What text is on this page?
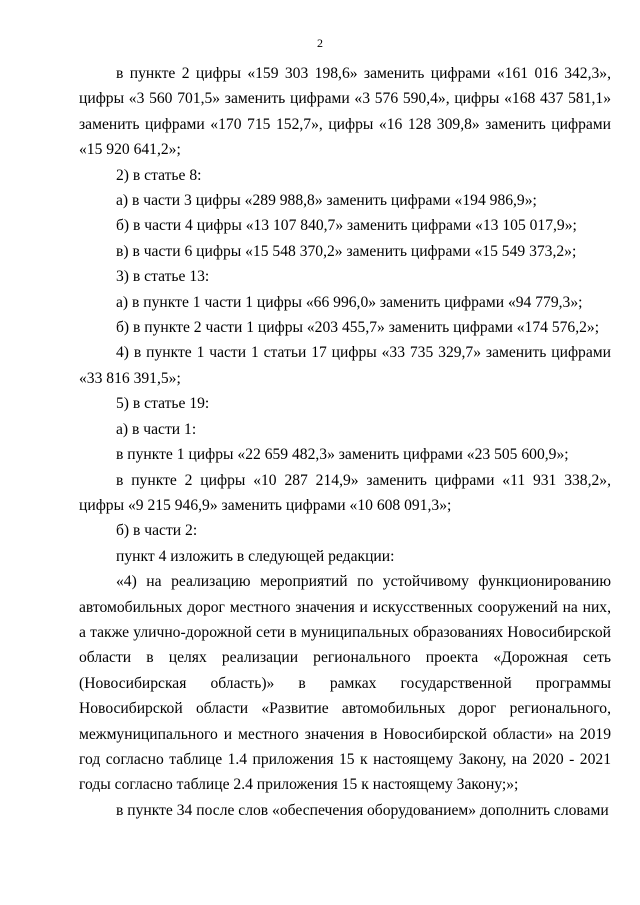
2

в пункте 2 цифры «159 303 198,6» заменить цифрами «161 016 342,3», цифры «3 560 701,5» заменить цифрами «3 576 590,4», цифры «168 437 581,1» заменить цифрами «170 715 152,7», цифры «16 128 309,8» заменить цифрами «15 920 641,2»;

2) в статье 8:

а) в части 3 цифры «289 988,8» заменить цифрами «194 986,9»;

б) в части 4 цифры «13 107 840,7» заменить цифрами «13 105 017,9»;

в) в части 6 цифры «15 548 370,2» заменить цифрами «15 549 373,2»;

3) в статье 13:

а) в пункте 1 части 1 цифры «66 996,0» заменить цифрами «94 779,3»;

б) в пункте 2 части 1 цифры «203 455,7» заменить цифрами «174 576,2»;

4) в пункте 1 части 1 статьи 17 цифры «33 735 329,7» заменить цифрами «33 816 391,5»;

5) в статье 19:

а) в части 1:

в пункте 1 цифры «22 659 482,3» заменить цифрами «23 505 600,9»;

в пункте 2 цифры «10 287 214,9» заменить цифрами «11 931 338,2», цифры «9 215 946,9» заменить цифрами «10 608 091,3»;

б) в части 2:

пункт 4 изложить в следующей редакции:

«4) на реализацию мероприятий по устойчивому функционированию автомобильных дорог местного значения и искусственных сооружений на них, а также улично-дорожной сети в муниципальных образованиях Новосибирской области в целях реализации регионального проекта «Дорожная сеть (Новосибирская область)» в рамках государственной программы Новосибирской области «Развитие автомобильных дорог регионального, межмуниципального и местного значения в Новосибирской области» на 2019 год согласно таблице 1.4 приложения 15 к настоящему Закону, на 2020 - 2021 годы согласно таблице 2.4 приложения 15 к настоящему Закону;»;

в пункте 34 после слов «обеспечения оборудованием» дополнить словами
